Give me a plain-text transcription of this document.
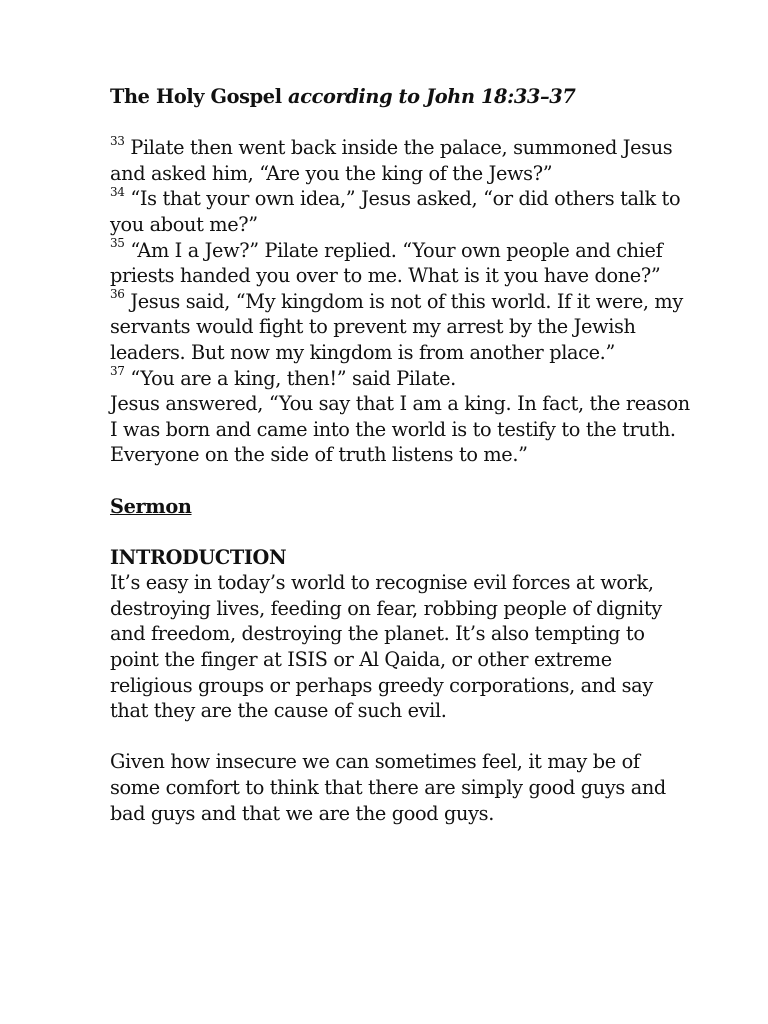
The Holy Gospel according to John 18:33–37

$^{33}$ Pilate then went back inside the palace, summoned Jesus and asked him, “Are you the king of the Jews?”

$^{34}$ “Is that your own idea,” Jesus asked, “or did others talk to you about me?”

$^{35}$ “Am I a Jew?” Pilate replied. “Your own people and chief priests handed you over to me. What is it you have done?”

$^{36}$ Jesus said, “My kingdom is not of this world. If it were, my servants would fight to prevent my arrest by the Jewish leaders. But now my kingdom is from another place.”

$^{37}$ “You are a king, then!” said Pilate.

Jesus answered, “You say that I am a king. In fact, the reason I was born and came into the world is to testify to the truth. Everyone on the side of truth listens to me.”

Sermon

INTRODUCTION

It’s easy in today’s world to recognise evil forces at work, destroying lives, feeding on fear, robbing people of dignity and freedom, destroying the planet. It’s also tempting to point the finger at ISIS or Al Qaida, or other extreme religious groups or perhaps greedy corporations, and say that they are the cause of such evil.

Given how insecure we can sometimes feel, it may be of some comfort to think that there are simply good guys and bad guys and that we are the good guys.
